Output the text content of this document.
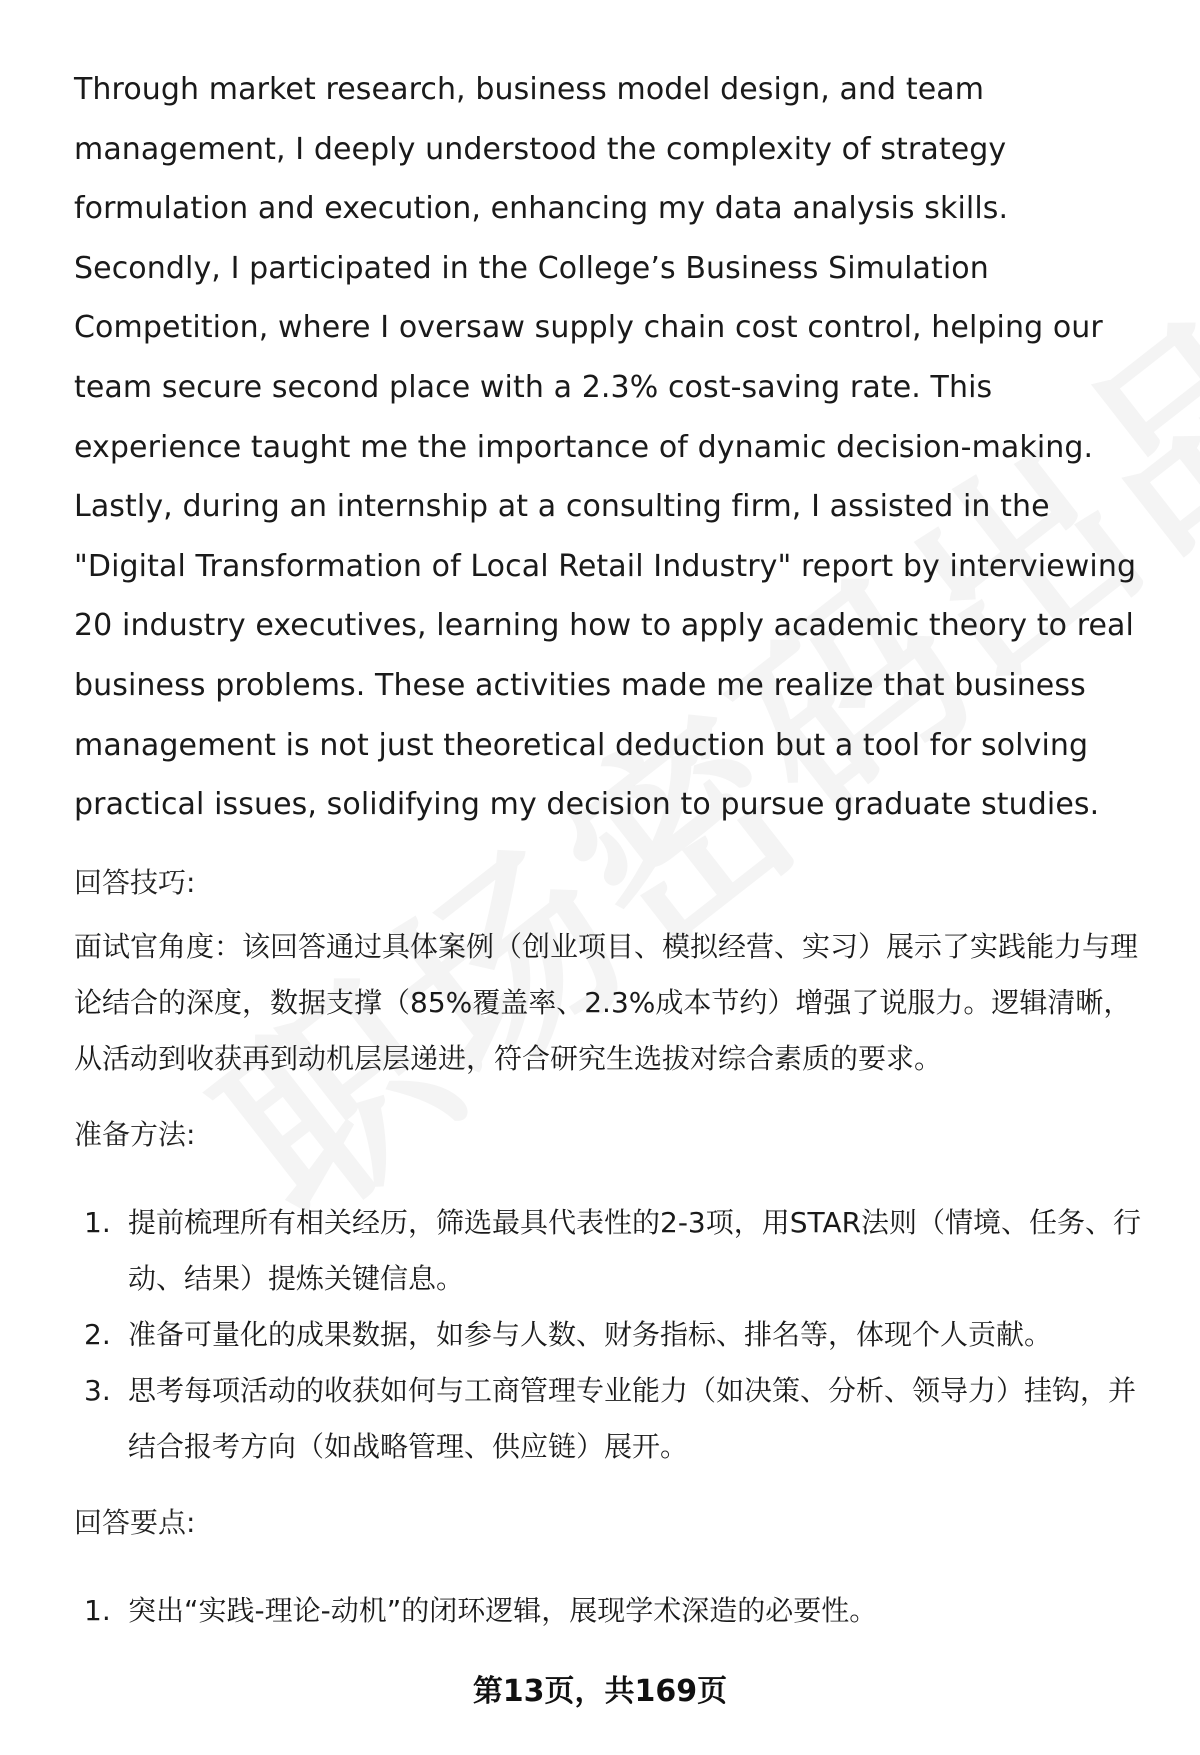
Through market research, business model design, and team management, I deeply understood the complexity of strategy formulation and execution, enhancing my data analysis skills. Secondly, I participated in the College’s Business Simulation Competition, where I oversaw supply chain cost control, helping our team secure second place with a 2.3% cost-saving rate. This experience taught me the importance of dynamic decision-making. Lastly, during an internship at a consulting firm, I assisted in the "Digital Transformation of Local Retail Industry" report by interviewing 20 industry executives, learning how to apply academic theory to real business problems. These activities made me realize that business management is not just theoretical deduction but a tool for solving practical issues, solidifying my decision to pursue graduate studies.

回答技巧:

面试官角度：该回答通过具体案例（创业项目、模拟经营、实习）展示了实践能力与理论结合的深度，数据支撑（85%覆盖率、2.3%成本节约）增强了说服力。逻辑清晰，从活动到收获再到动机层层递进，符合研究生选拔对综合素质的要求。

准备方法:

1. 提前梳理所有相关经历，筛选最具代表性的2-3项，用STAR法则（情境、任务、行动、结果）提炼关键信息。
2. 准备可量化的成果数据，如参与人数、财务指标、排名等，体现个人贡献。
3. 思考每项活动的收获如何与工商管理专业能力（如决策、分析、领导力）挂钩，并结合报考方向（如战略管理、供应链）展开。

回答要点:

1. 突出“实践-理论-动机”的闭环逻辑，展现学术深造的必要性。
第13页，共169页
